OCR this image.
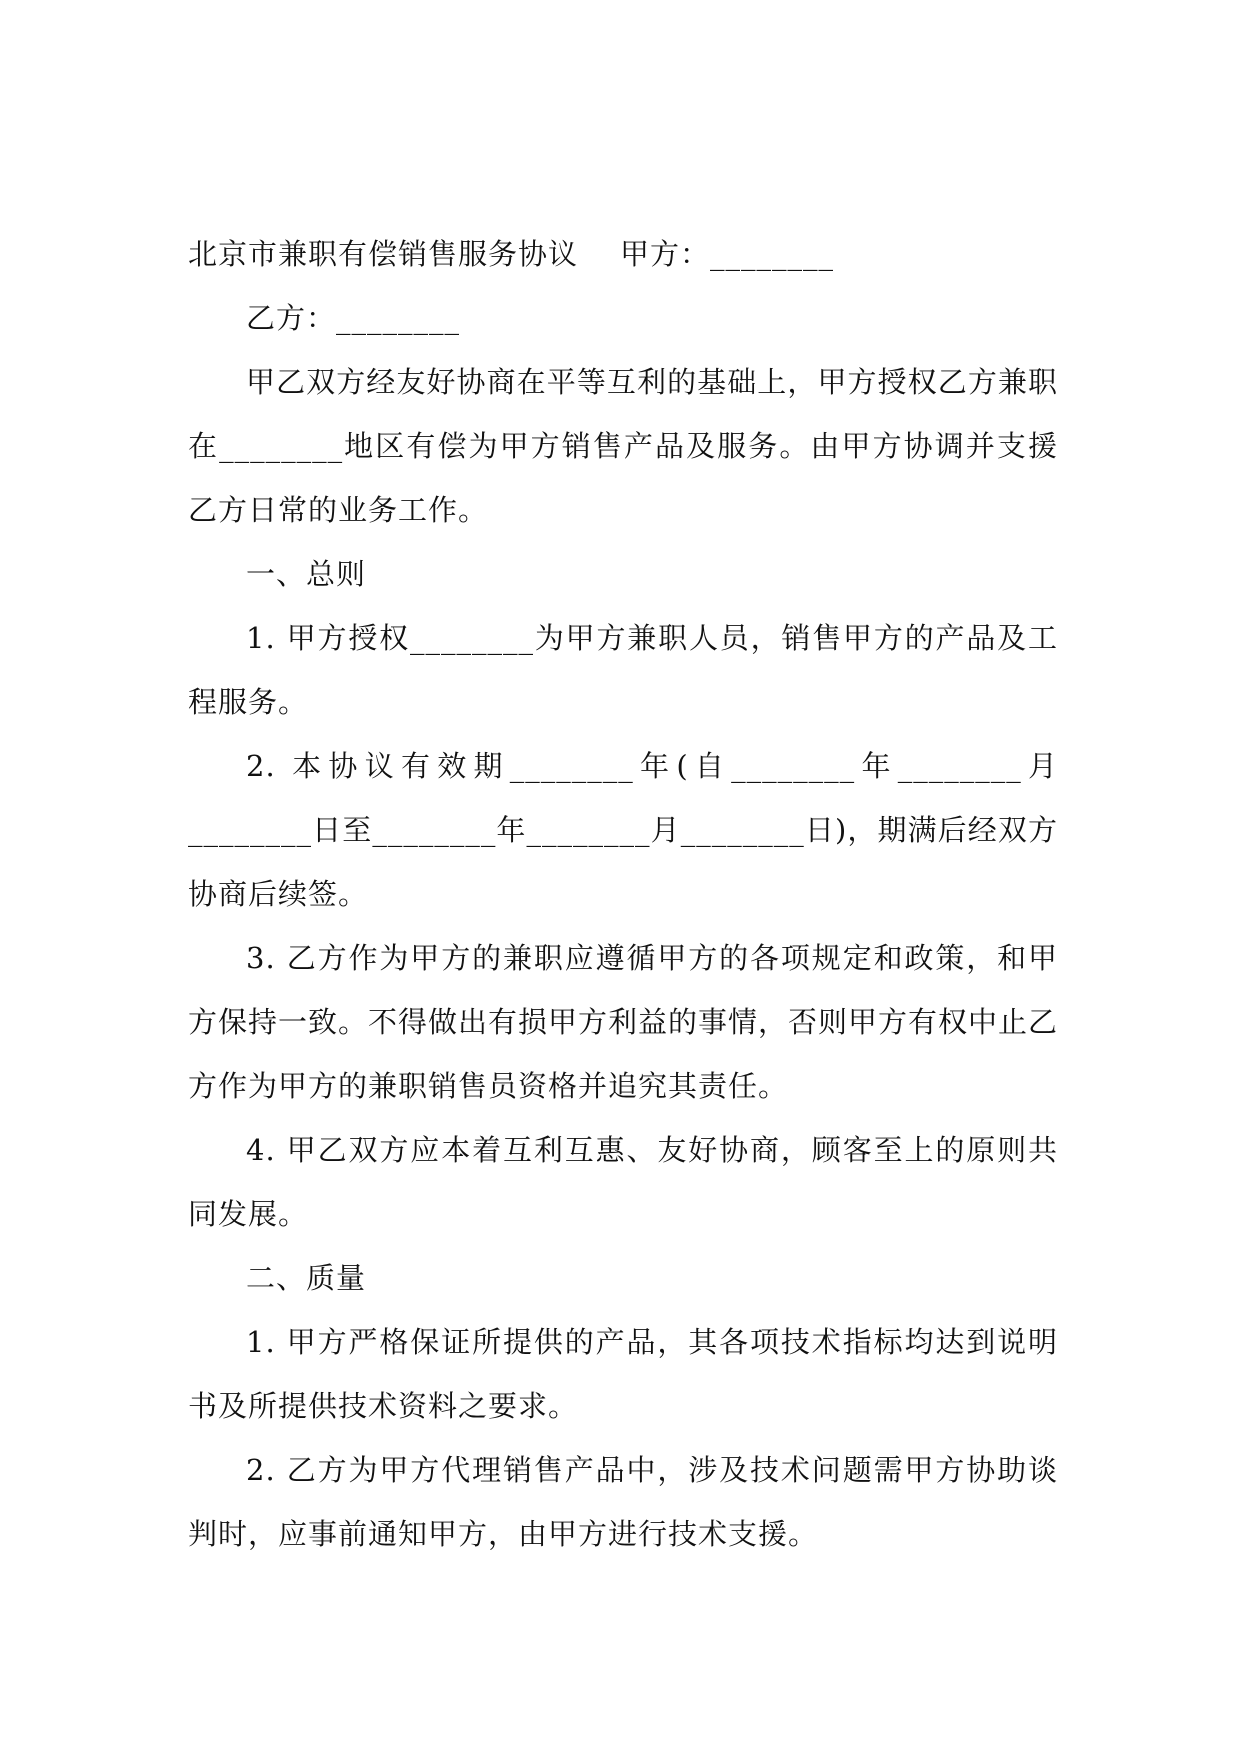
北京市兼职有偿销售服务协议 甲方：________

乙方：________

甲乙双方经友好协商在平等互利的基础上，甲方授权乙方兼职在________地区有偿为甲方销售产品及服务。由甲方协调并支援乙方日常的业务工作。

一、总则

1. 甲方授权________为甲方兼职人员，销售甲方的产品及工程服务。

2. 本协议有效期________年(自________年________月________日至________年________月________日)，期满后经双方协商后续签。

3. 乙方作为甲方的兼职应遵循甲方的各项规定和政策，和甲方保持一致。不得做出有损甲方利益的事情，否则甲方有权中止乙方作为甲方的兼职销售员资格并追究其责任。

4. 甲乙双方应本着互利互惠、友好协商，顾客至上的原则共同发展。

二、质量

1. 甲方严格保证所提供的产品，其各项技术指标均达到说明书及所提供技术资料之要求。

2. 乙方为甲方代理销售产品中，涉及技术问题需甲方协助谈判时，应事前通知甲方，由甲方进行技术支援。
